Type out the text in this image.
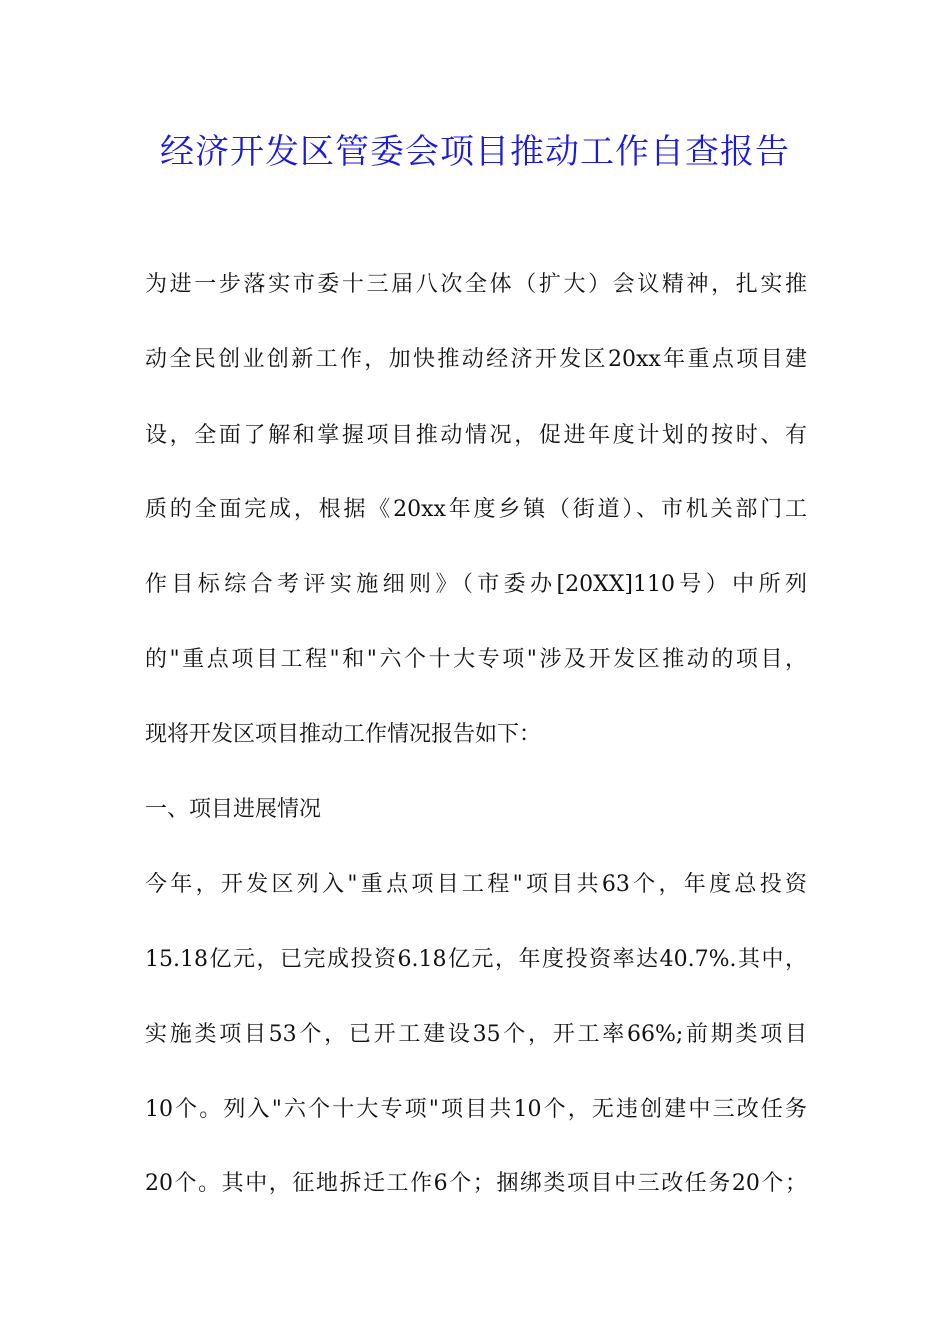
经济开发区管委会项目推动工作自查报告
为进一步落实市委十三届八次全体（扩大）会议精神，扎实推
动全民创业创新工作，加快推动经济开发区20xx年重点项目建
设，全面了解和掌握项目推动情况，促进年度计划的按时、有
质的全面完成，根据《20xx年度乡镇（街道）、市机关部门工
作目标综合考评实施细则》（市委办[20XX]110号）中所列
的"重点项目工程"和"六个十大专项"涉及开发区推动的项目，
现将开发区项目推动工作情况报告如下：
一、项目进展情况
今年，开发区列入"重点项目工程"项目共63个，年度总投资
15.18亿元，已完成投资6.18亿元，年度投资率达40.7%.其中，
实施类项目53个，已开工建设35个，开工率66%;前期类项目
10个。列入"六个十大专项"项目共10个，无违创建中三改任务
20个。其中，征地拆迁工作6个；捆绑类项目中三改任务20个；
